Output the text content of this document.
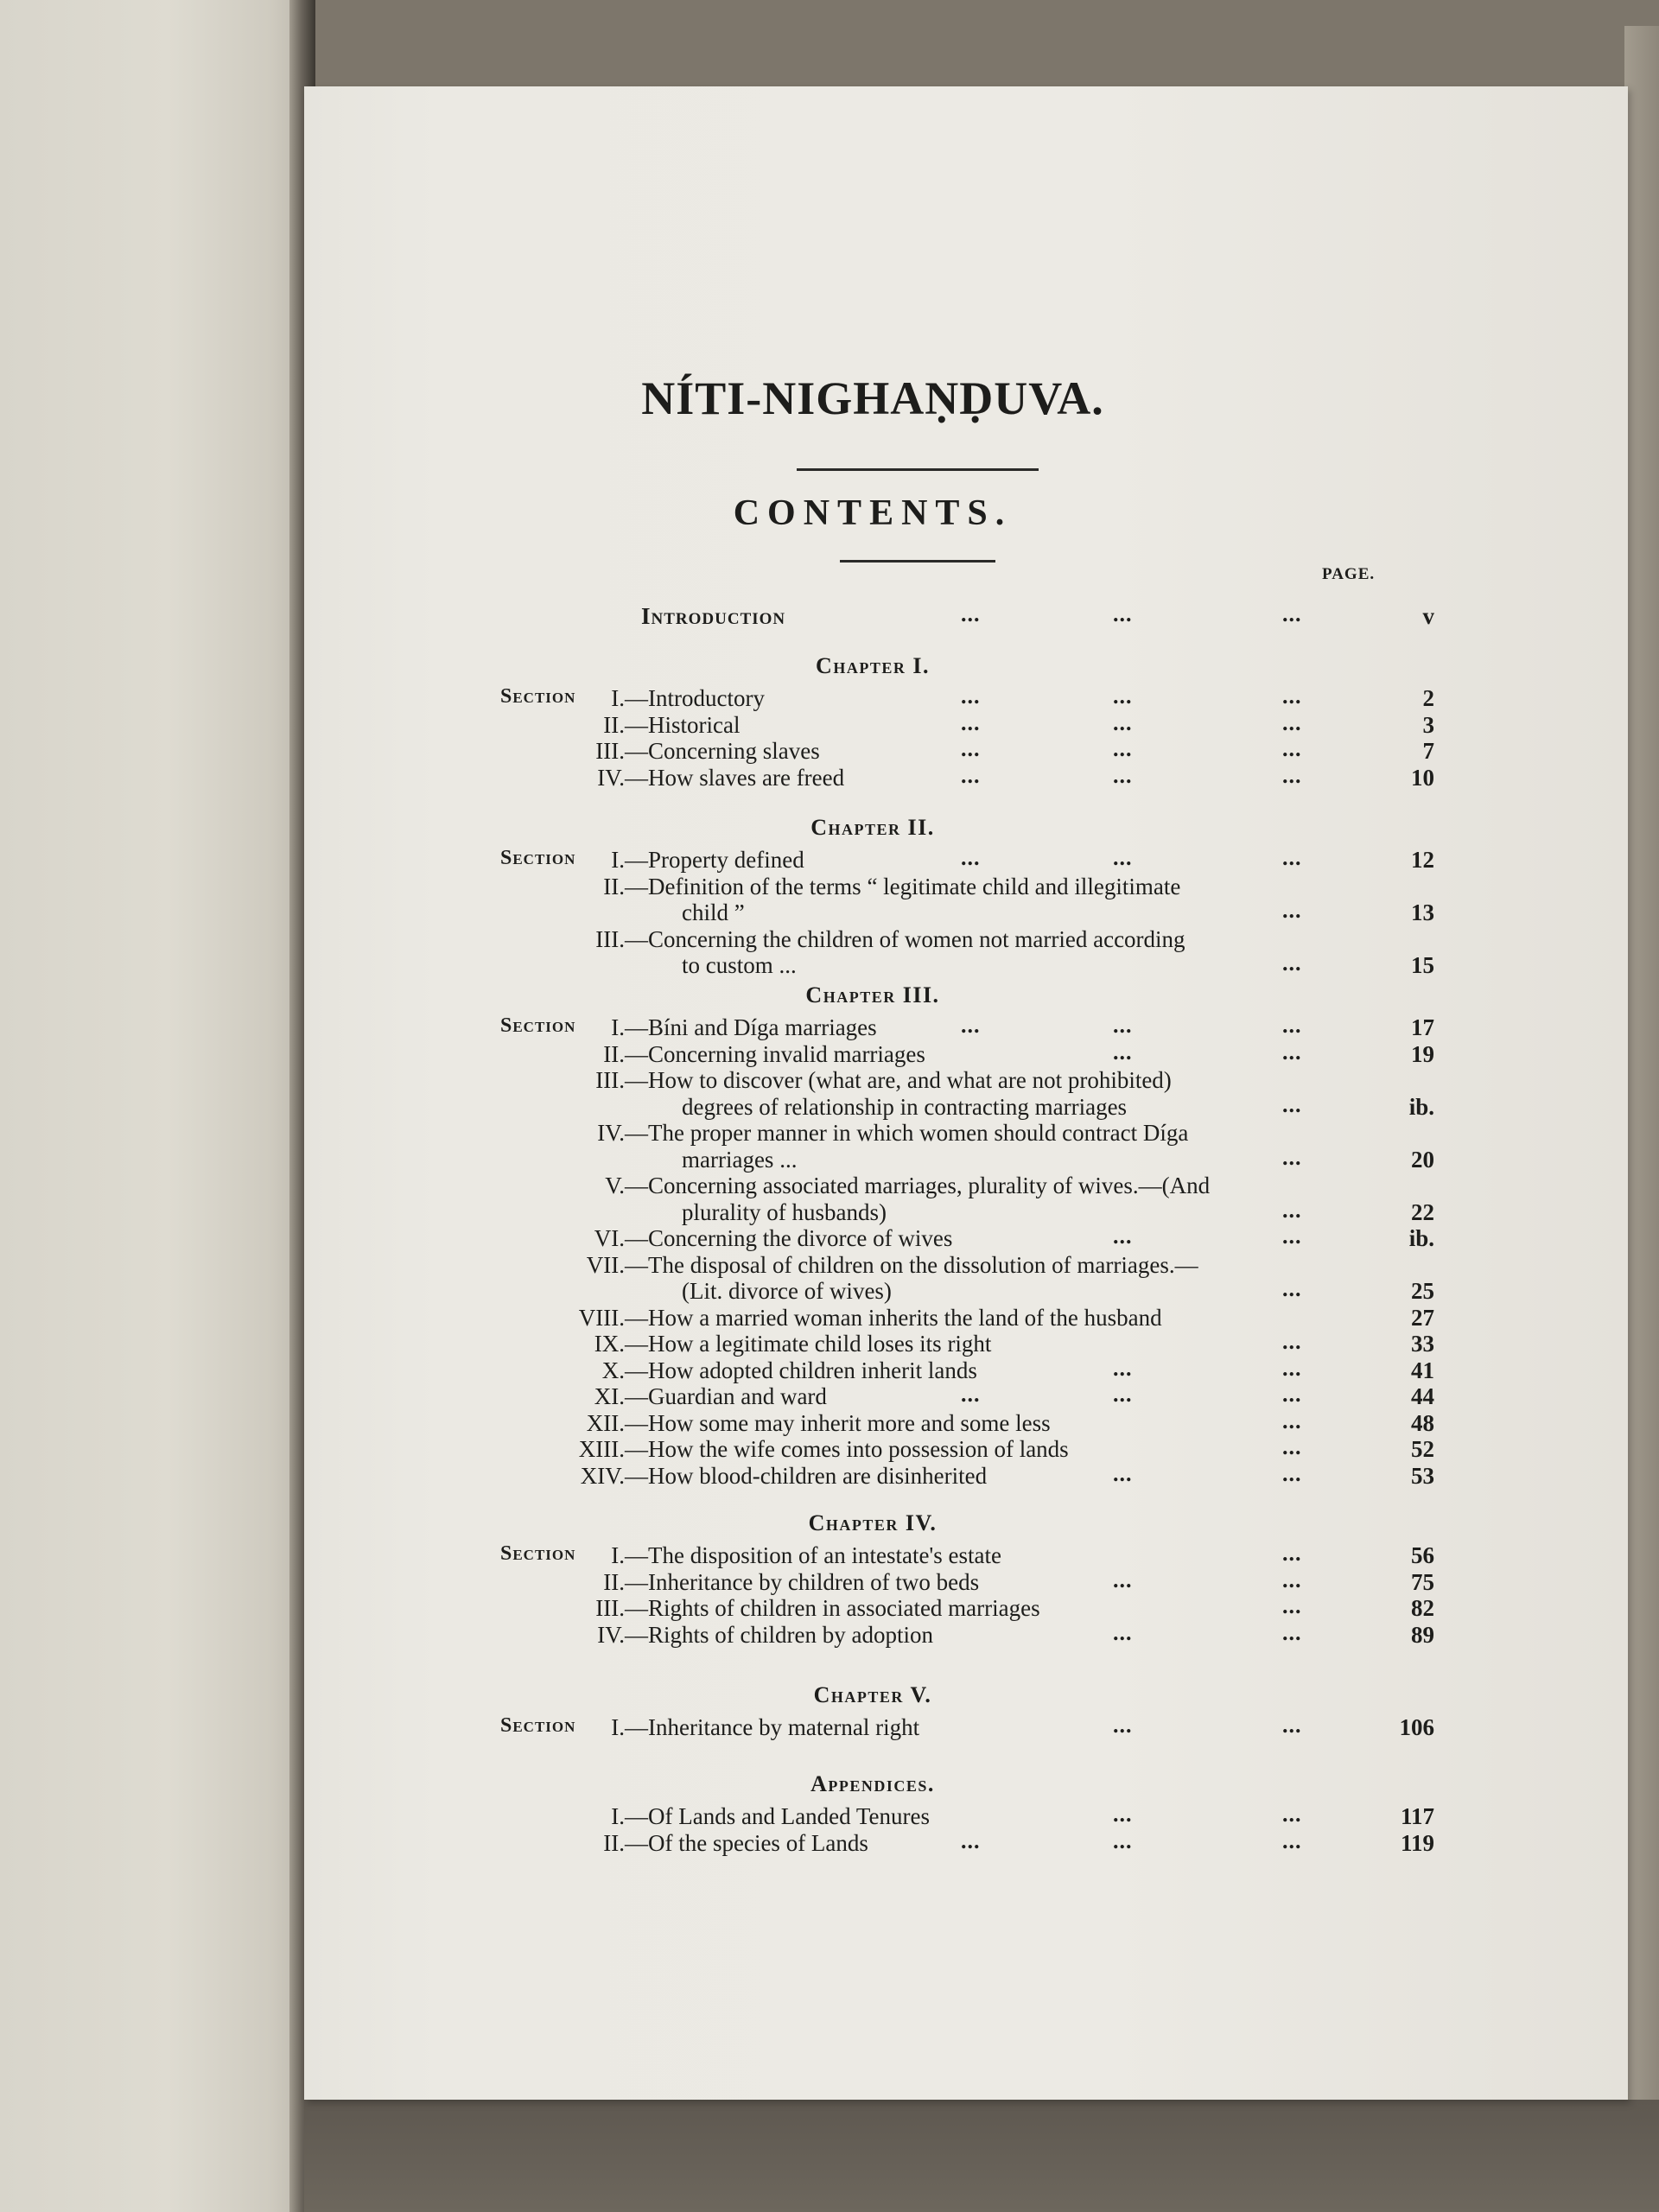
NÍTI-NIGHAṆḌUVA.
CONTENTS.
PAGE.
Introduction	...	...	...	v
Chapter I.
Section I.— Introductory	...	...	...	2
II.— Historical	...	...	...	3
III.— Concerning slaves	...	...	...	7
IV.— How slaves are freed	...	...	...	10
Chapter II.
Section I.— Property defined	...	...	...	12
II.— Definition of the terms “ legitimate child and illegitimate
child ”	...	13
III.— Concerning the children of women not married according
to custom ...	...	15
Chapter III.
Section I.— Bíni and Díga marriages	...	...	...	17
II.— Concerning invalid marriages	...	...	19
III.— How to discover (what are, and what are not prohibited)
degrees of relationship in contracting marriages	...	ib.
IV.— The proper manner in which women should contract Díga
marriages ...	...	20
V.— Concerning associated marriages, plurality of wives.—(And
plurality of husbands)	...	22
VI.— Concerning the divorce of wives	...	...	ib.
VII.— The disposal of children on the dissolution of marriages.—
(Lit. divorce of wives)	...	25
VIII.— How a married woman inherits the land of the husband	27
IX.— How a legitimate child loses its right	...	33
X.— How adopted children inherit lands	...	...	41
XI.— Guardian and ward	...	...	...	44
XII.— How some may inherit more and some less	...	48
XIII.— How the wife comes into possession of lands	...	52
XIV.— How blood-children are disinherited	...	...	53
Chapter IV.
Section I.— The disposition of an intestate's estate	...	56
II.— Inheritance by children of two beds	...	...	75
III.— Rights of children in associated marriages	...	82
IV.— Rights of children by adoption	...	...	89
Chapter V.
Section I.— Inheritance by maternal right	...	...	106
Appendices.
I.— Of Lands and Landed Tenures	...	...	117
II.— Of the species of Lands	...	...	...	119
